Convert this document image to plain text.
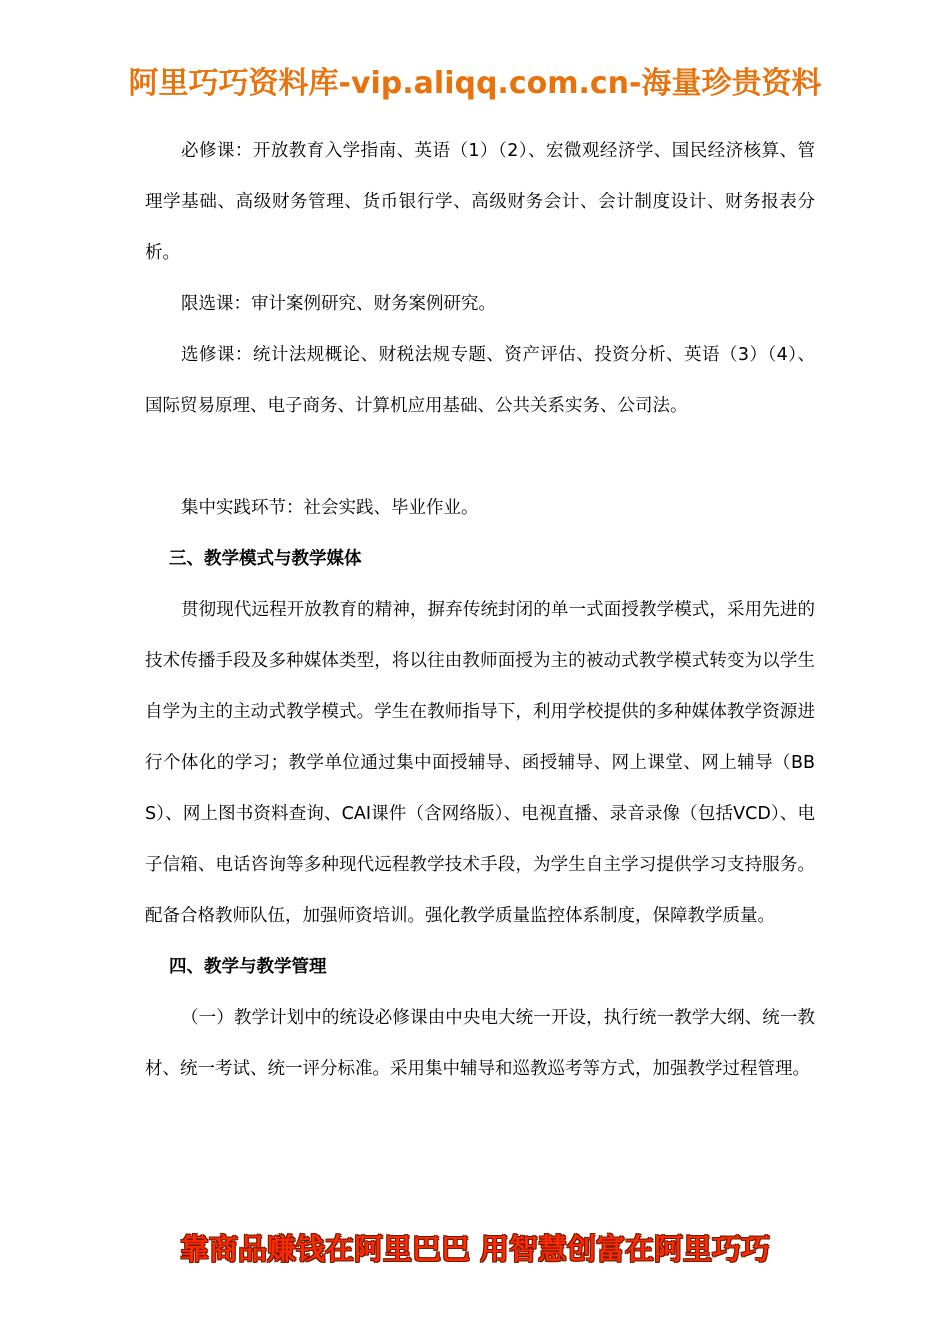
阿里巧巧资料库-vip.aliqq.com.cn-海量珍贵资料

必修课：开放教育入学指南、英语（1）（2）、宏微观经济学、国民经济核算、管理学基础、高级财务管理、货币银行学、高级财务会计、会计制度设计、财务报表分析。

限选课：审计案例研究、财务案例研究。

选修课：统计法规概论、财税法规专题、资产评估、投资分析、英语（3）（4）、国际贸易原理、电子商务、计算机应用基础、公共关系实务、公司法。

集中实践环节：社会实践、毕业作业。

三、教学模式与教学媒体

贯彻现代远程开放教育的精神，摒弃传统封闭的单一式面授教学模式，采用先进的技术传播手段及多种媒体类型，将以往由教师面授为主的被动式教学模式转变为以学生自学为主的主动式教学模式。学生在教师指导下，利用学校提供的多种媒体教学资源进行个体化的学习；教学单位通过集中面授辅导、函授辅导、网上课堂、网上辅导（BBS）、网上图书资料查询、CAI课件（含网络版）、电视直播、录音录像（包括VCD）、电子信箱、电话咨询等多种现代远程教学技术手段，为学生自主学习提供学习支持服务。配备合格教师队伍，加强师资培训。强化教学质量监控体系制度，保障教学质量。

四、教学与教学管理

（一）教学计划中的统设必修课由中央电大统一开设，执行统一教学大纲、统一教材、统一考试、统一评分标准。采用集中辅导和巡教巡考等方式，加强教学过程管理。

靠商品赚钱在阿里巴巴 用智慧创富在阿里巧巧
